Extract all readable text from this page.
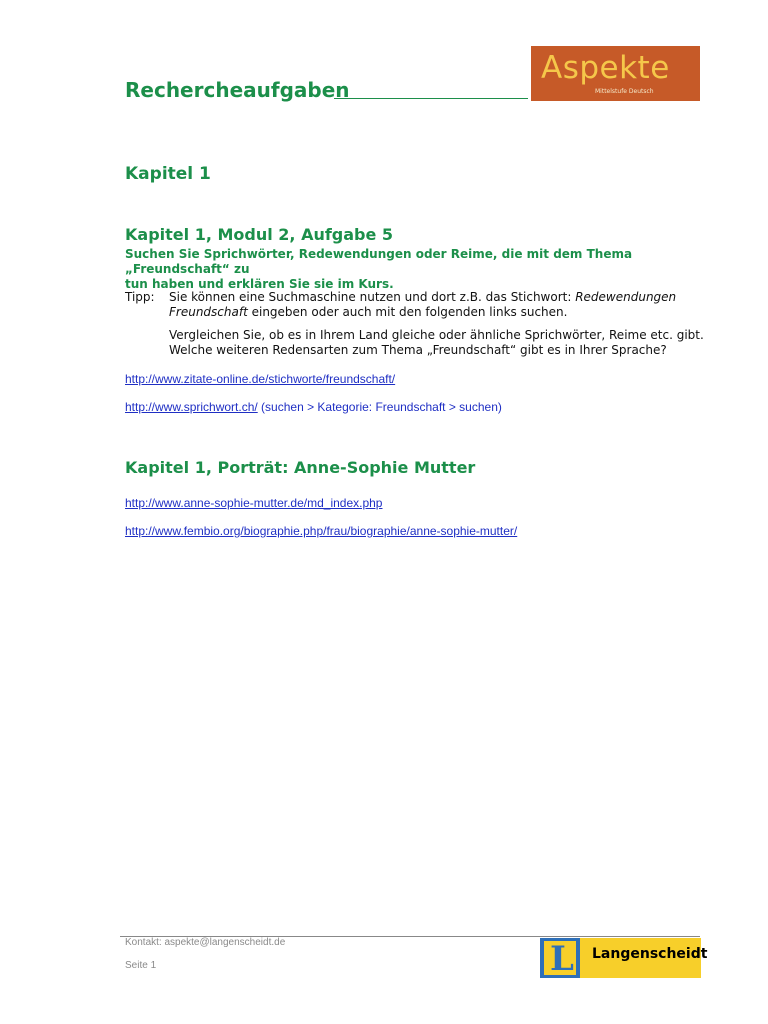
Rechercheaufgaben
Aspekte
Mittelstufe Deutsch
Kapitel 1
Kapitel 1, Modul 2, Aufgabe 5
Suchen Sie Sprichwörter, Redewendungen oder Reime, die mit dem Thema „Freundschaft“ zu
tun haben und erklären Sie sie im Kurs.
Tipp: Sie können eine Suchmaschine nutzen und dort z.B. das Stichwort: Redewendungen
Freundschaft eingeben oder auch mit den folgenden links suchen.
Vergleichen Sie, ob es in Ihrem Land gleiche oder ähnliche Sprichwörter, Reime etc. gibt.
Welche weiteren Redensarten zum Thema „Freundschaft“ gibt es in Ihrer Sprache?
http://www.zitate-online.de/stichworte/freundschaft/
http://www.sprichwort.ch/ (suchen > Kategorie: Freundschaft > suchen)
Kapitel 1, Porträt: Anne-Sophie Mutter
http://www.anne-sophie-mutter.de/md_index.php
http://www.fembio.org/biographie.php/frau/biographie/anne-sophie-mutter/
Kontakt: aspekte@langenscheidt.de
Seite 1	L Langenscheidt
